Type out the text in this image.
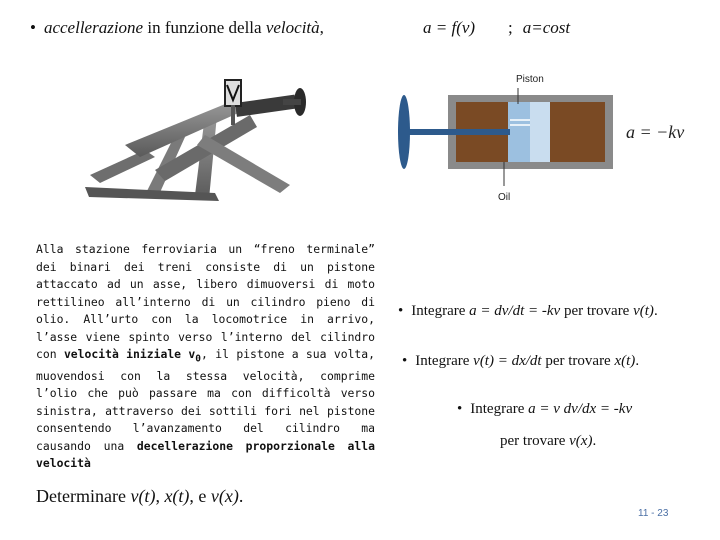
• accellerazione in funzione della velocità,	a = f(v) ; a=cost
Piston
Oil
a = −kv
Alla stazione ferroviaria un “freno terminale” dei binari dei treni consiste di un pistone attaccato ad un asse, libero dimuoversi di moto rettilineo all’interno di un cilindro pieno di olio. All’urto con la locomotrice in arrivo, l’asse viene spinto verso l’interno del cilindro con velocità iniziale $v_0$, il pistone a sua volta, muovendosi con la stessa velocità, comprime l’olio che può passare ma con difficoltà verso sinistra, attraverso dei sottili fori nel pistone consentendo l’avanzamento del cilindro ma causando una decellerazione proporzionale alla velocità
• Integrare a = dv/dt = -kv per trovare v(t).
• Integrare v(t) = dx/dt per trovare x(t).
• Integrare a = v dv/dx = -kv
per trovare v(x).
Determinare v(t), x(t), e v(x).
11 - 23
